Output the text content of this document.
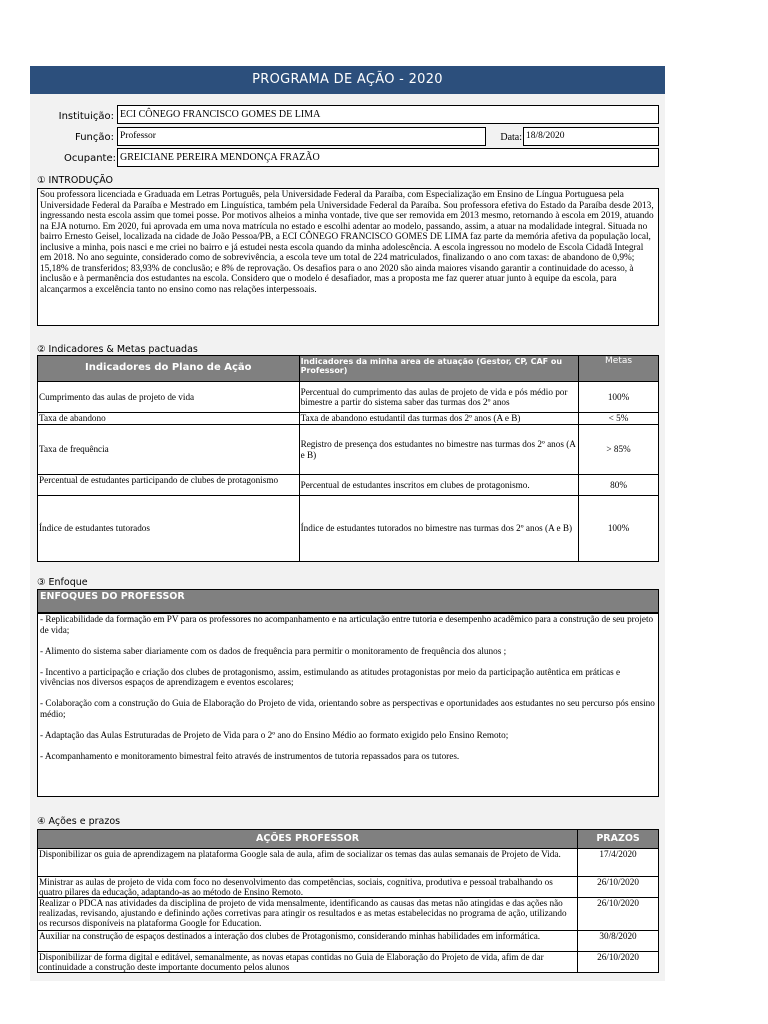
PROGRAMA DE AÇÃO - 2020
Instituição: ECI CÔNEGO FRANCISCO GOMES DE LIMA
Função: Professor	Data: 18/8/2020
Ocupante: GREICIANE PEREIRA MENDONÇA FRAZÃO
① INTRODUÇÃO
Sou professora licenciada e Graduada em Letras Português, pela Universidade Federal da Paraíba, com Especialização em Ensino de Língua Portuguesa pela Universidade Federal da Paraíba e Mestrado em Linguística, também pela Universidade Federal da Paraíba. Sou professora efetiva do Estado da Paraíba desde 2013, ingressando nesta escola assim que tomei posse. Por motivos alheios a minha vontade, tive que ser removida em 2013 mesmo, retornando à escola em 2019, atuando na EJA noturno. Em 2020, fui aprovada em uma nova matrícula no estado e escolhi adentar ao modelo, passando, assim, a atuar na modalidade integral. Situada no bairro Ernesto Geisel, localizada na cidade de João Pessoa/PB, a ECI CÔNEGO FRANCISCO GOMES DE LIMA faz parte da memória afetiva da população local, inclusive a minha, pois nasci e me criei no bairro e já estudei nesta escola quando da minha adolescência. A escola ingressou no modelo de Escola Cidadã Integral em 2018. No ano seguinte, considerado como de sobrevivência, a escola teve um total de 224 matriculados, finalizando o ano com taxas: de abandono de 0,9%; 15,18% de transferidos; 83,93% de conclusão; e 8% de reprovação. Os desafios para o ano 2020 são ainda maiores visando garantir a continuidade do acesso, à inclusão e à permanência dos estudantes na escola. Considero que o modelo é desafiador, mas a proposta me faz querer atuar junto à equipe da escola, para alcançarmos a excelência tanto no ensino como nas relações interpessoais.
② Indicadores & Metas pactuadas
Indicadores do Plano de Ação	Indicadores da minha area de atuação (Gestor, CP, CAF ou Professor)	Metas
Cumprimento das aulas de projeto de vida	Percentual do cumprimento das aulas de projeto de vida e pós médio por bimestre a partir do sistema saber das turmas dos 2º anos	100%
Taxa de abandono	Taxa de abandono estudantil das turmas dos 2º anos (A e B)	< 5%
Taxa de frequência	Registro de presença dos estudantes no bimestre nas turmas dos 2º anos (A e B)	> 85%
Percentual de estudantes participando de clubes de protagonismo	Percentual de estudantes inscritos em clubes de protagonismo.	80%
Índice de estudantes tutorados	Índice de estudantes tutorados no bimestre nas turmas dos 2º anos (A e B)	100%
③ Enfoque
ENFOQUES DO PROFESSOR

- Replicabilidade da formação em PV para os professores no acompanhamento e na articulação entre tutoria e desempenho acadêmico para a construção de seu projeto de vida;

- Alimento do sistema saber diariamente com os dados de frequência para permitir o monitoramento de frequência dos alunos ;

- Incentivo a participação e criação dos clubes de protagonismo, assim, estimulando as atitudes protagonistas por meio da participação autêntica em práticas e vivências nos diversos espaços de aprendizagem e eventos escolares;

- Colaboração com a construção do Guia de Elaboração do Projeto de vida, orientando sobre as perspectivas e oportunidades aos estudantes no seu percurso pós ensino médio;

- Adaptação das Aulas Estruturadas de Projeto de Vida para o 2º ano do Ensino Médio ao formato exigido pelo Ensino Remoto;

- Acompanhamento e monitoramento bimestral feito através de instrumentos de tutoria repassados para os tutores.

④ Ações e prazos
AÇÕES PROFESSOR	PRAZOS
Disponibilizar os guia de aprendizagem na plataforma Google sala de aula, afim de socializar os temas das aulas semanais de Projeto de Vida.	17/4/2020
Ministrar as aulas de projeto de vida com foco no desenvolvimento das competências, sociais, cognitiva, produtiva e pessoal trabalhando os quatro pilares da educação, adaptando-as ao método de Ensino Remoto.	26/10/2020
Realizar o PDCA nas atividades da disciplina de projeto de vida mensalmente, identificando as causas das metas não atingidas e das ações não realizadas, revisando, ajustando e definindo ações corretivas para atingir os resultados e as metas estabelecidas no programa de ação, utilizando os recursos disponíveis na plataforma Google for Education.	26/10/2020
Auxiliar na construção de espaços destinados a interação dos clubes de Protagonismo, considerando minhas habilidades em informática.	30/8/2020
Disponibilizar de forma digital e editável, semanalmente, as novas etapas contidas no Guia de Elaboração do Projeto de vida, afim de dar continuidade a construção deste importante documento pelos alunos	26/10/2020
